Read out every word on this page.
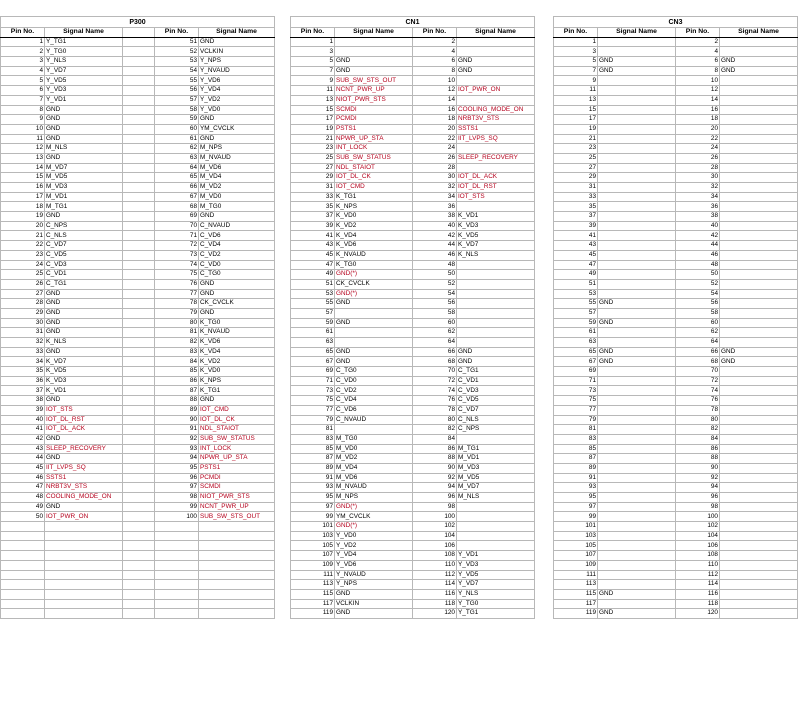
P300				
Pin No.	Signal Name		Pin No.	Signal Name
1	Y_TG1		51	GND
2	Y_TG0		52	VCLKIN
3	Y_NLS		53	Y_NPS
4	Y_VD7		54	Y_NVAUD
5	Y_VD5		55	Y_VD6
6	Y_VD3		56	Y_VD4
7	Y_VD1		57	Y_VD2
8	GND		58	Y_VD0
9	GND		59	GND
10	GND		60	YM_CVCLK
11	GND		61	GND
12	M_NLS		62	M_NPS
13	GND		63	M_NVAUD
14	M_VD7		64	M_VD6
15	M_VD5		65	M_VD4
16	M_VD3		66	M_VD2
17	M_VD1		67	M_VD0
18	M_TG1		68	M_TG0
19	GND		69	GND
20	C_NPS		70	C_NVAUD
21	C_NLS		71	C_VD6
22	C_VD7		72	C_VD4
23	C_VD5		73	C_VD2
24	C_VD3		74	C_VD0
25	C_VD1		75	C_TG0
26	C_TG1		76	GND
27	GND		77	GND
28	GND		78	CK_CVCLK
29	GND		79	GND
30	GND		80	K_TG0
31	GND		81	K_NVAUD
32	K_NLS		82	K_VD6
33	GND		83	K_VD4
34	K_VD7		84	K_VD2
35	K_VD5		85	K_VD0
36	K_VD3		86	K_NPS
37	K_VD1		87	K_TG1
38	GND		88	GND
39	IOT_STS		89	IOT_CMD
40	IOT_DL_RST		90	IOT_DL_CK
41	IOT_DL_ACK		91	NDL_STAIOT
42	GND		92	SUB_SW_STATUS
43	SLEEP_RECOVERY		93	INT_LOCK
44	GND		94	NPWR_UP_STA
45	IIT_LVPS_SQ		95	PSTS1
46	SSTS1		96	PCMDI
47	NRBT3V_STS		97	SCMDI
48	COOLING_MODE_ON		98	NIOT_PWR_STS
49	GND		99	NCNT_PWR_UP
50	IOT_PWR_ON		100	SUB_SW_STS_OUT

CN1			
Pin No.	Signal Name	Pin No.	Signal Name
1		2	
3		4	
5	GND	6	GND
7	GND	8	GND
9	SUB_SW_STS_OUT	10	
11	NCNT_PWR_UP	12	IOT_PWR_ON
13	NIOT_PWR_STS	14	
15	SCMDI	16	COOLING_MODE_ON
17	PCMDI	18	NRBT3V_STS
19	PSTS1	20	SSTS1
21	NPWR_UP_STA	22	IIT_LVPS_SQ
23	INT_LOCK	24	
25	SUB_SW_STATUS	26	SLEEP_RECOVERY
27	NDL_STAIOT	28	
29	IOT_DL_CK	30	IOT_DL_ACK
31	IOT_CMD	32	IOT_DL_RST
33	K_TG1	34	IOT_STS
35	K_NPS	36	
37	K_VD0	38	K_VD1
39	K_VD2	40	K_VD3
41	K_VD4	42	K_VD5
43	K_VD6	44	K_VD7
45	K_NVAUD	46	K_NLS
47	K_TG0	48	
49	GND(*)	50	
51	CK_CVCLK	52	
53	GND(*)	54	
55	GND	56	
57		58	
59	GND	60	
61		62	
63		64	
65	GND	66	GND
67	GND	68	GND
69	C_TG0	70	C_TG1
71	C_VD0	72	C_VD1
73	C_VD2	74	C_VD3
75	C_VD4	76	C_VD5
77	C_VD6	78	C_VD7
79	C_NVAUD	80	C_NLS
81		82	C_NPS
83	M_TG0	84	
85	M_VD0	86	M_TG1
87	M_VD2	88	M_VD1
89	M_VD4	90	M_VD3
91	M_VD6	92	M_VD5
93	M_NVAUD	94	M_VD7
95	M_NPS	96	M_NLS
97	GND(*)	98	
99	YM_CVCLK	100	
101	GND(*)	102	
103	Y_VD0	104	
105	Y_VD2	106	
107	Y_VD4	108	Y_VD1
109	Y_VD6	110	Y_VD3
111	Y_NVAUD	112	Y_VD5
113	Y_NPS	114	Y_VD7
115	GND	116	Y_NLS
117	VCLKIN	118	Y_TG0
119	GND	120	Y_TG1
CN3			
Pin No.	Signal Name	Pin No.	Signal Name
1		2	
3		4	
5	GND	6	GND
7	GND	8	GND
9		10	
11		12	
13		14	
15		16	
17		18	
19		20	
21		22	
23		24	
25		26	
27		28	
29		30	
31		32	
33		34	
35		36	
37		38	
39		40	
41		42	
43		44	
45		46	
47		48	
49		50	
51		52	
53		54	
55	GND	56	
57		58	
59	GND	60	
61		62	
63		64	
65	GND	66	GND
67	GND	68	GND
69		70	
71		72	
73		74	
75		76	
77		78	
79		80	
81		82	
83		84	
85		86	
87		88	
89		90	
91		92	
93		94	
95		96	
97		98	
99		100	
101		102	
103		104	
105		106	
107		108	
109		110	
111		112	
113		114	
115	GND	116	
117		118	
119	GND	120	
